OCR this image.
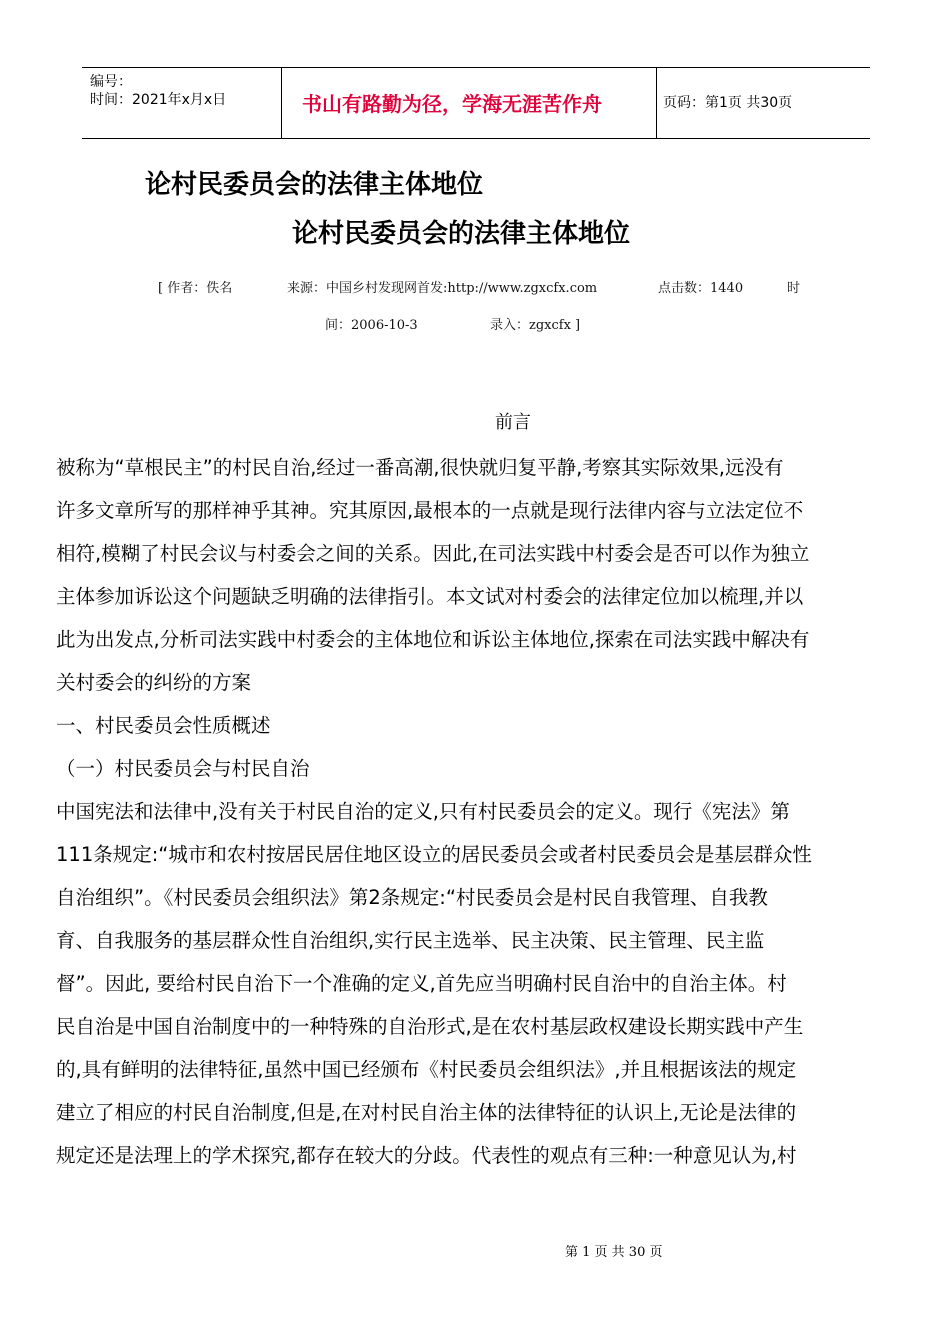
编号：
时间：2021年x月x日	书山有路勤为径，学海无涯苦作舟	页码：第1页 共30页
论村民委员会的法律主体地位
论村民委员会的法律主体地位
[ 作者：佚名	来源：中国乡村发现网首发:http://www.zgxcfx.com	点击数：1440	时
间：2006-10-3	录入：zgxcfx ]
前言
被称为“草根民主”的村民自治,经过一番高潮,很快就归复平静,考察其实际效果,远没有
许多文章所写的那样神乎其神。究其原因,最根本的一点就是现行法律内容与立法定位不
相符,模糊了村民会议与村委会之间的关系。因此,在司法实践中村委会是否可以作为独立
主体参加诉讼这个问题缺乏明确的法律指引。本文试对村委会的法律定位加以梳理,并以
此为出发点,分析司法实践中村委会的主体地位和诉讼主体地位,探索在司法实践中解决有
关村委会的纠纷的方案
一、村民委员会性质概述
（一）村民委员会与村民自治
中国宪法和法律中,没有关于村民自治的定义,只有村民委员会的定义。现行《宪法》第
111条规定:“城市和农村按居民居住地区设立的居民委员会或者村民委员会是基层群众性
自治组织”。《村民委员会组织法》第2条规定:“村民委员会是村民自我管理、自我教
育、自我服务的基层群众性自治组织,实行民主选举、民主决策、民主管理、民主监
督”。因此, 要给村民自治下一个准确的定义,首先应当明确村民自治中的自治主体。村
民自治是中国自治制度中的一种特殊的自治形式,是在农村基层政权建设长期实践中产生
的,具有鲜明的法律特征,虽然中国已经颁布《村民委员会组织法》,并且根据该法的规定
建立了相应的村民自治制度,但是,在对村民自治主体的法律特征的认识上,无论是法律的
规定还是法理上的学术探究,都存在较大的分歧。代表性的观点有三种:一种意见认为,村
第 1 页 共 30 页
